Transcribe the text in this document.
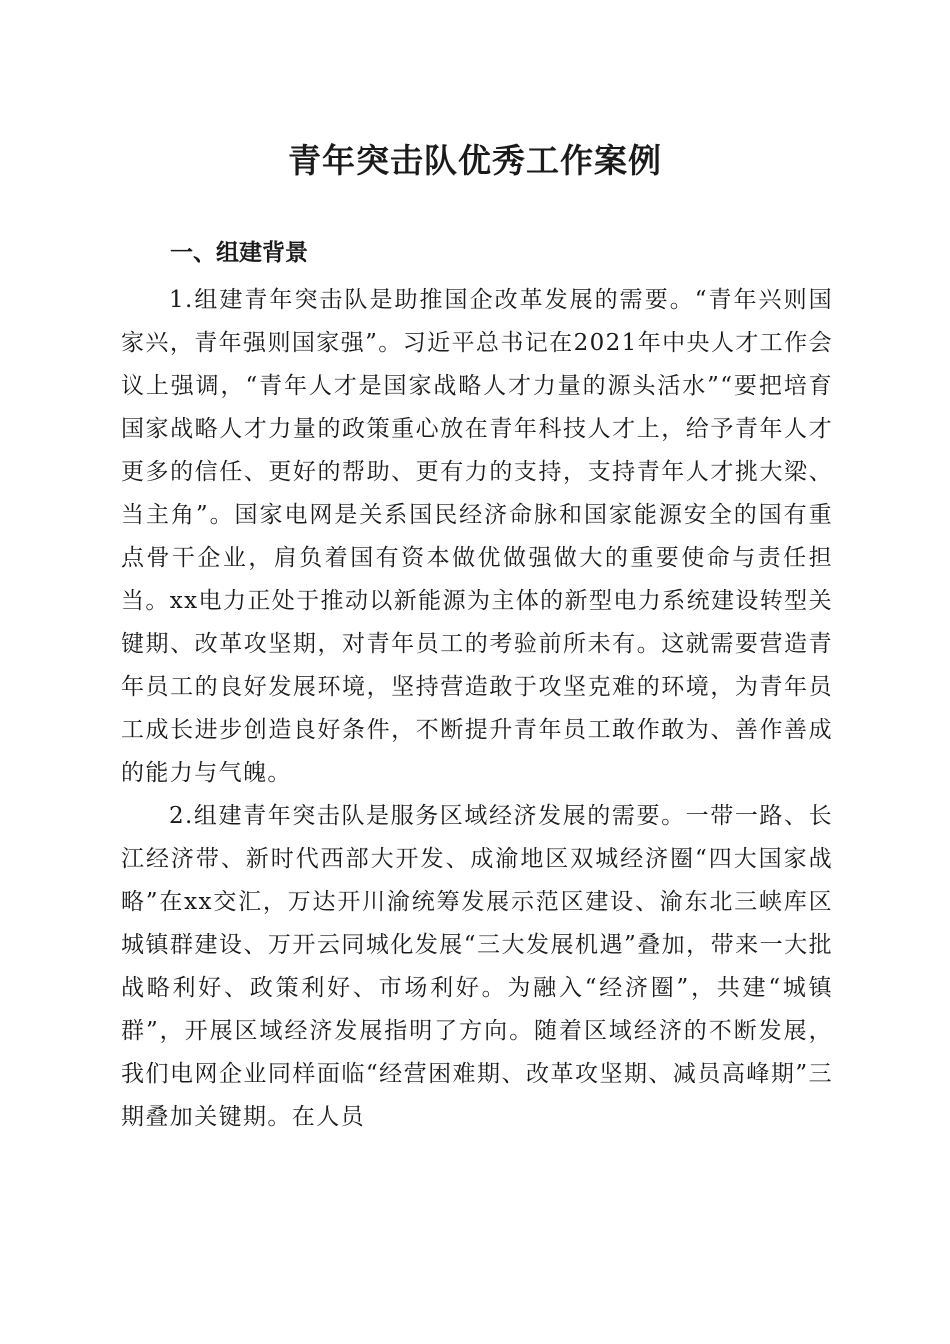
青年突击队优秀工作案例
一、组建背景

1.组建青年突击队是助推国企改革发展的需要。“青年兴则国家兴，青年强则国家强”。习近平总书记在2021年中央人才工作会议上强调，“青年人才是国家战略人才力量的源头活水”“要把培育国家战略人才力量的政策重心放在青年科技人才上，给予青年人才更多的信任、更好的帮助、更有力的支持，支持青年人才挑大梁、当主角”。国家电网是关系国民经济命脉和国家能源安全的国有重点骨干企业，肩负着国有资本做优做强做大的重要使命与责任担当。xx电力正处于推动以新能源为主体的新型电力系统建设转型关键期、改革攻坚期，对青年员工的考验前所未有。这就需要营造青年员工的良好发展环境，坚持营造敢于攻坚克难的环境，为青年员工成长进步创造良好条件，不断提升青年员工敢作敢为、善作善成的能力与气魄。

2.组建青年突击队是服务区域经济发展的需要。一带一路、长江经济带、新时代西部大开发、成渝地区双城经济圈“四大国家战略”在xx交汇，万达开川渝统筹发展示范区建设、渝东北三峡库区城镇群建设、万开云同城化发展“三大发展机遇”叠加，带来一大批战略利好、政策利好、市场利好。为融入“经济圈”，共建“城镇群”，开展区域经济发展指明了方向。随着区域经济的不断发展，我们电网企业同样面临“经营困难期、改革攻坚期、减员高峰期”三期叠加关键期。在人员
